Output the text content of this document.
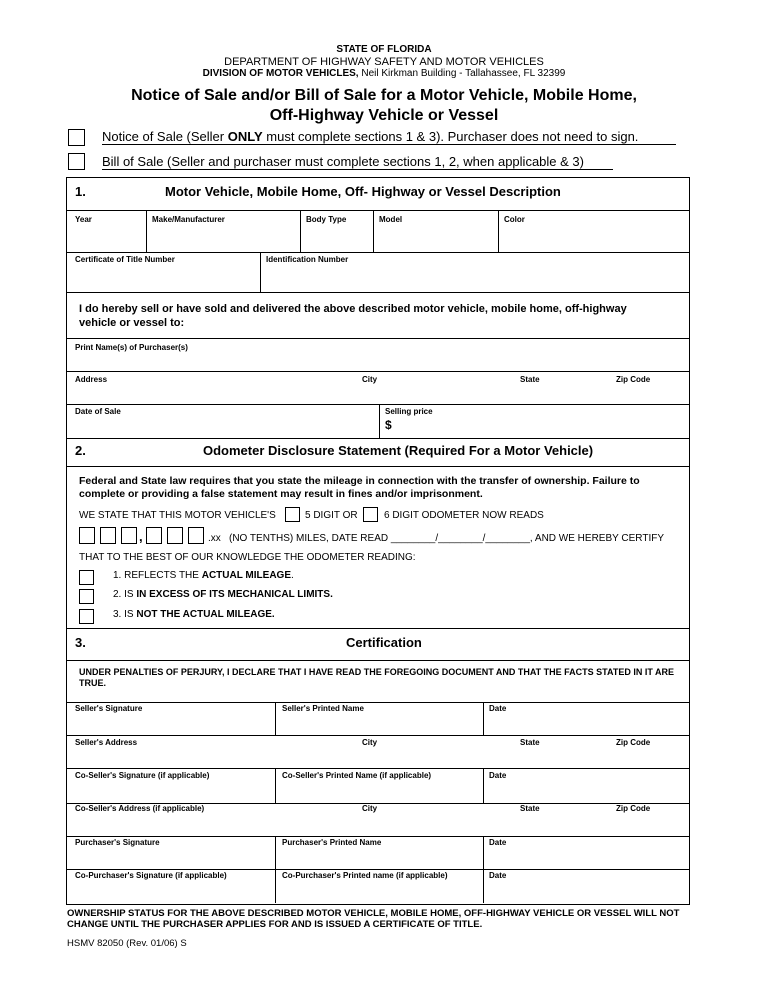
STATE OF FLORIDA
DEPARTMENT OF HIGHWAY SAFETY AND MOTOR VEHICLES
DIVISION OF MOTOR VEHICLES, Neil Kirkman Building - Tallahassee, FL 32399
Notice of Sale and/or Bill of Sale for a Motor Vehicle, Mobile Home,
Off-Highway Vehicle or Vessel
Notice of Sale (Seller ONLY must complete sections 1 & 3). Purchaser does not need to sign.
Bill of Sale (Seller and purchaser must complete sections 1, 2, when applicable & 3)
1.	Motor Vehicle, Mobile Home, Off- Highway or Vessel Description
Year	Make/Manufacturer	Body Type	Model	Color
Certificate of Title Number	Identification Number
I do hereby sell or have sold and delivered the above described motor vehicle, mobile home, off-highway vehicle or vessel to:
Print Name(s) of Purchaser(s)
Address	City	State	Zip Code
Date of Sale	Selling price
$
2.	Odometer Disclosure Statement (Required For a Motor Vehicle)
Federal and State law requires that you state the mileage in connection with the transfer of ownership. Failure to complete or providing a false statement may result in fines and/or imprisonment.
WE STATE THAT THIS MOTOR VEHICLE'S	5 DIGIT OR	6 DIGIT ODOMETER NOW READS
,	.xx (NO TENTHS) MILES, DATE READ ________/________/________, AND WE HEREBY CERTIFY
THAT TO THE BEST OF OUR KNOWLEDGE THE ODOMETER READING:
1. REFLECTS THE ACTUAL MILEAGE.
2. IS IN EXCESS OF ITS MECHANICAL LIMITS.
3. IS NOT THE ACTUAL MILEAGE.
3.	Certification
UNDER PENALTIES OF PERJURY, I DECLARE THAT I HAVE READ THE FOREGOING DOCUMENT AND THAT THE FACTS STATED IN IT ARE TRUE.
Seller's Signature	Seller's Printed Name	Date
Seller's Address	City	State	Zip Code
Co-Seller's Signature (if applicable)	Co-Seller's Printed Name (if applicable)	Date
Co-Seller's Address (if applicable)	City	State	Zip Code
Purchaser's Signature	Purchaser's Printed Name	Date
Co-Purchaser's Signature (if applicable)	Co-Purchaser's Printed name (if applicable)	Date
OWNERSHIP STATUS FOR THE ABOVE DESCRIBED MOTOR VEHICLE, MOBILE HOME, OFF-HIGHWAY VEHICLE OR VESSEL WILL NOT CHANGE UNTIL THE PURCHASER APPLIES FOR AND IS ISSUED A CERTIFICATE OF TITLE.
HSMV 82050 (Rev. 01/06) S
